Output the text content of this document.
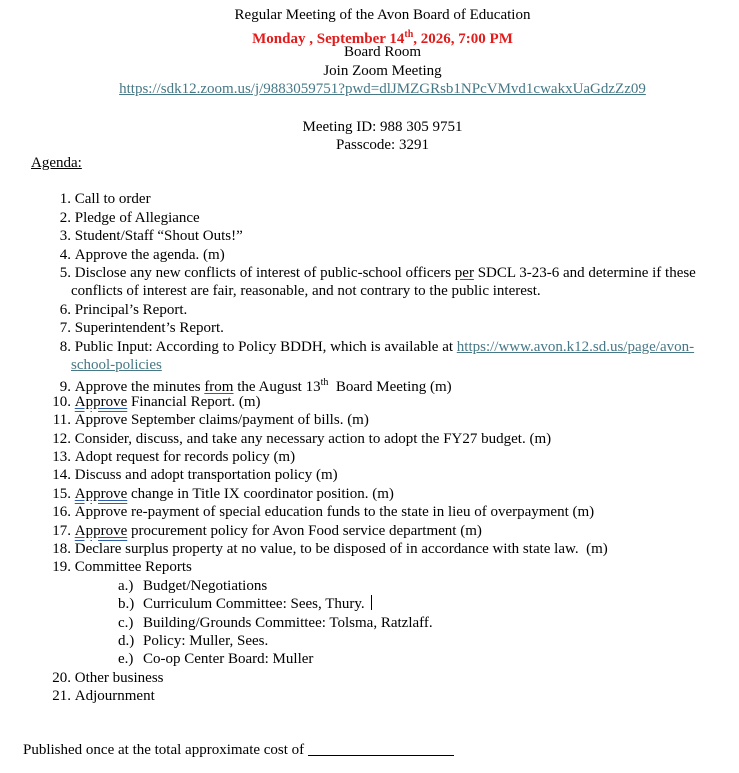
Regular Meeting of the Avon Board of Education
Monday , September 14th, 2026, 7:00 PM
Board Room
Join Zoom Meeting
https://sdk12.zoom.us/j/9883059751?pwd=dlJMZGRsb1NPcVMvd1cwakxUaGdzZz09
Meeting ID: 988 305 9751
Passcode: 3291
Agenda:
1. Call to order
2. Pledge of Allegiance
3. Student/Staff “Shout Outs!”
4. Approve the agenda. (m)
5. Disclose any new conflicts of interest of public-school officers per SDCL 3-23-6 and determine if these
conflicts of interest are fair, reasonable, and not contrary to the public interest.
6. Principal’s Report.
7. Superintendent’s Report.
8. Public Input: According to Policy BDDH, which is available at https://www.avon.k12.sd.us/page/avon-
school-policies
9. Approve the minutes from the August 13th  Board Meeting (m)
10. Approve Financial Report. (m)
11. Approve September claims/payment of bills. (m)
12. Consider, discuss, and take any necessary action to adopt the FY27 budget. (m)
13. Adopt request for records policy (m)
14. Discuss and adopt transportation policy (m)
15. Approve change in Title IX coordinator position. (m)
16. Approve re-payment of special education funds to the state in lieu of overpayment (m)
17. Approve procurement policy for Avon Food service department (m)
18. Declare surplus property at no value, to be disposed of in accordance with state law.  (m)
19. Committee Reports
a.) Budget/Negotiations
b.) Curriculum Committee: Sees, Thury.
c.) Building/Grounds Committee: Tolsma, Ratzlaff.
d.) Policy: Muller, Sees.
e.) Co-op Center Board: Muller
20. Other business
21. Adjournment
Published once at the total approximate cost of
